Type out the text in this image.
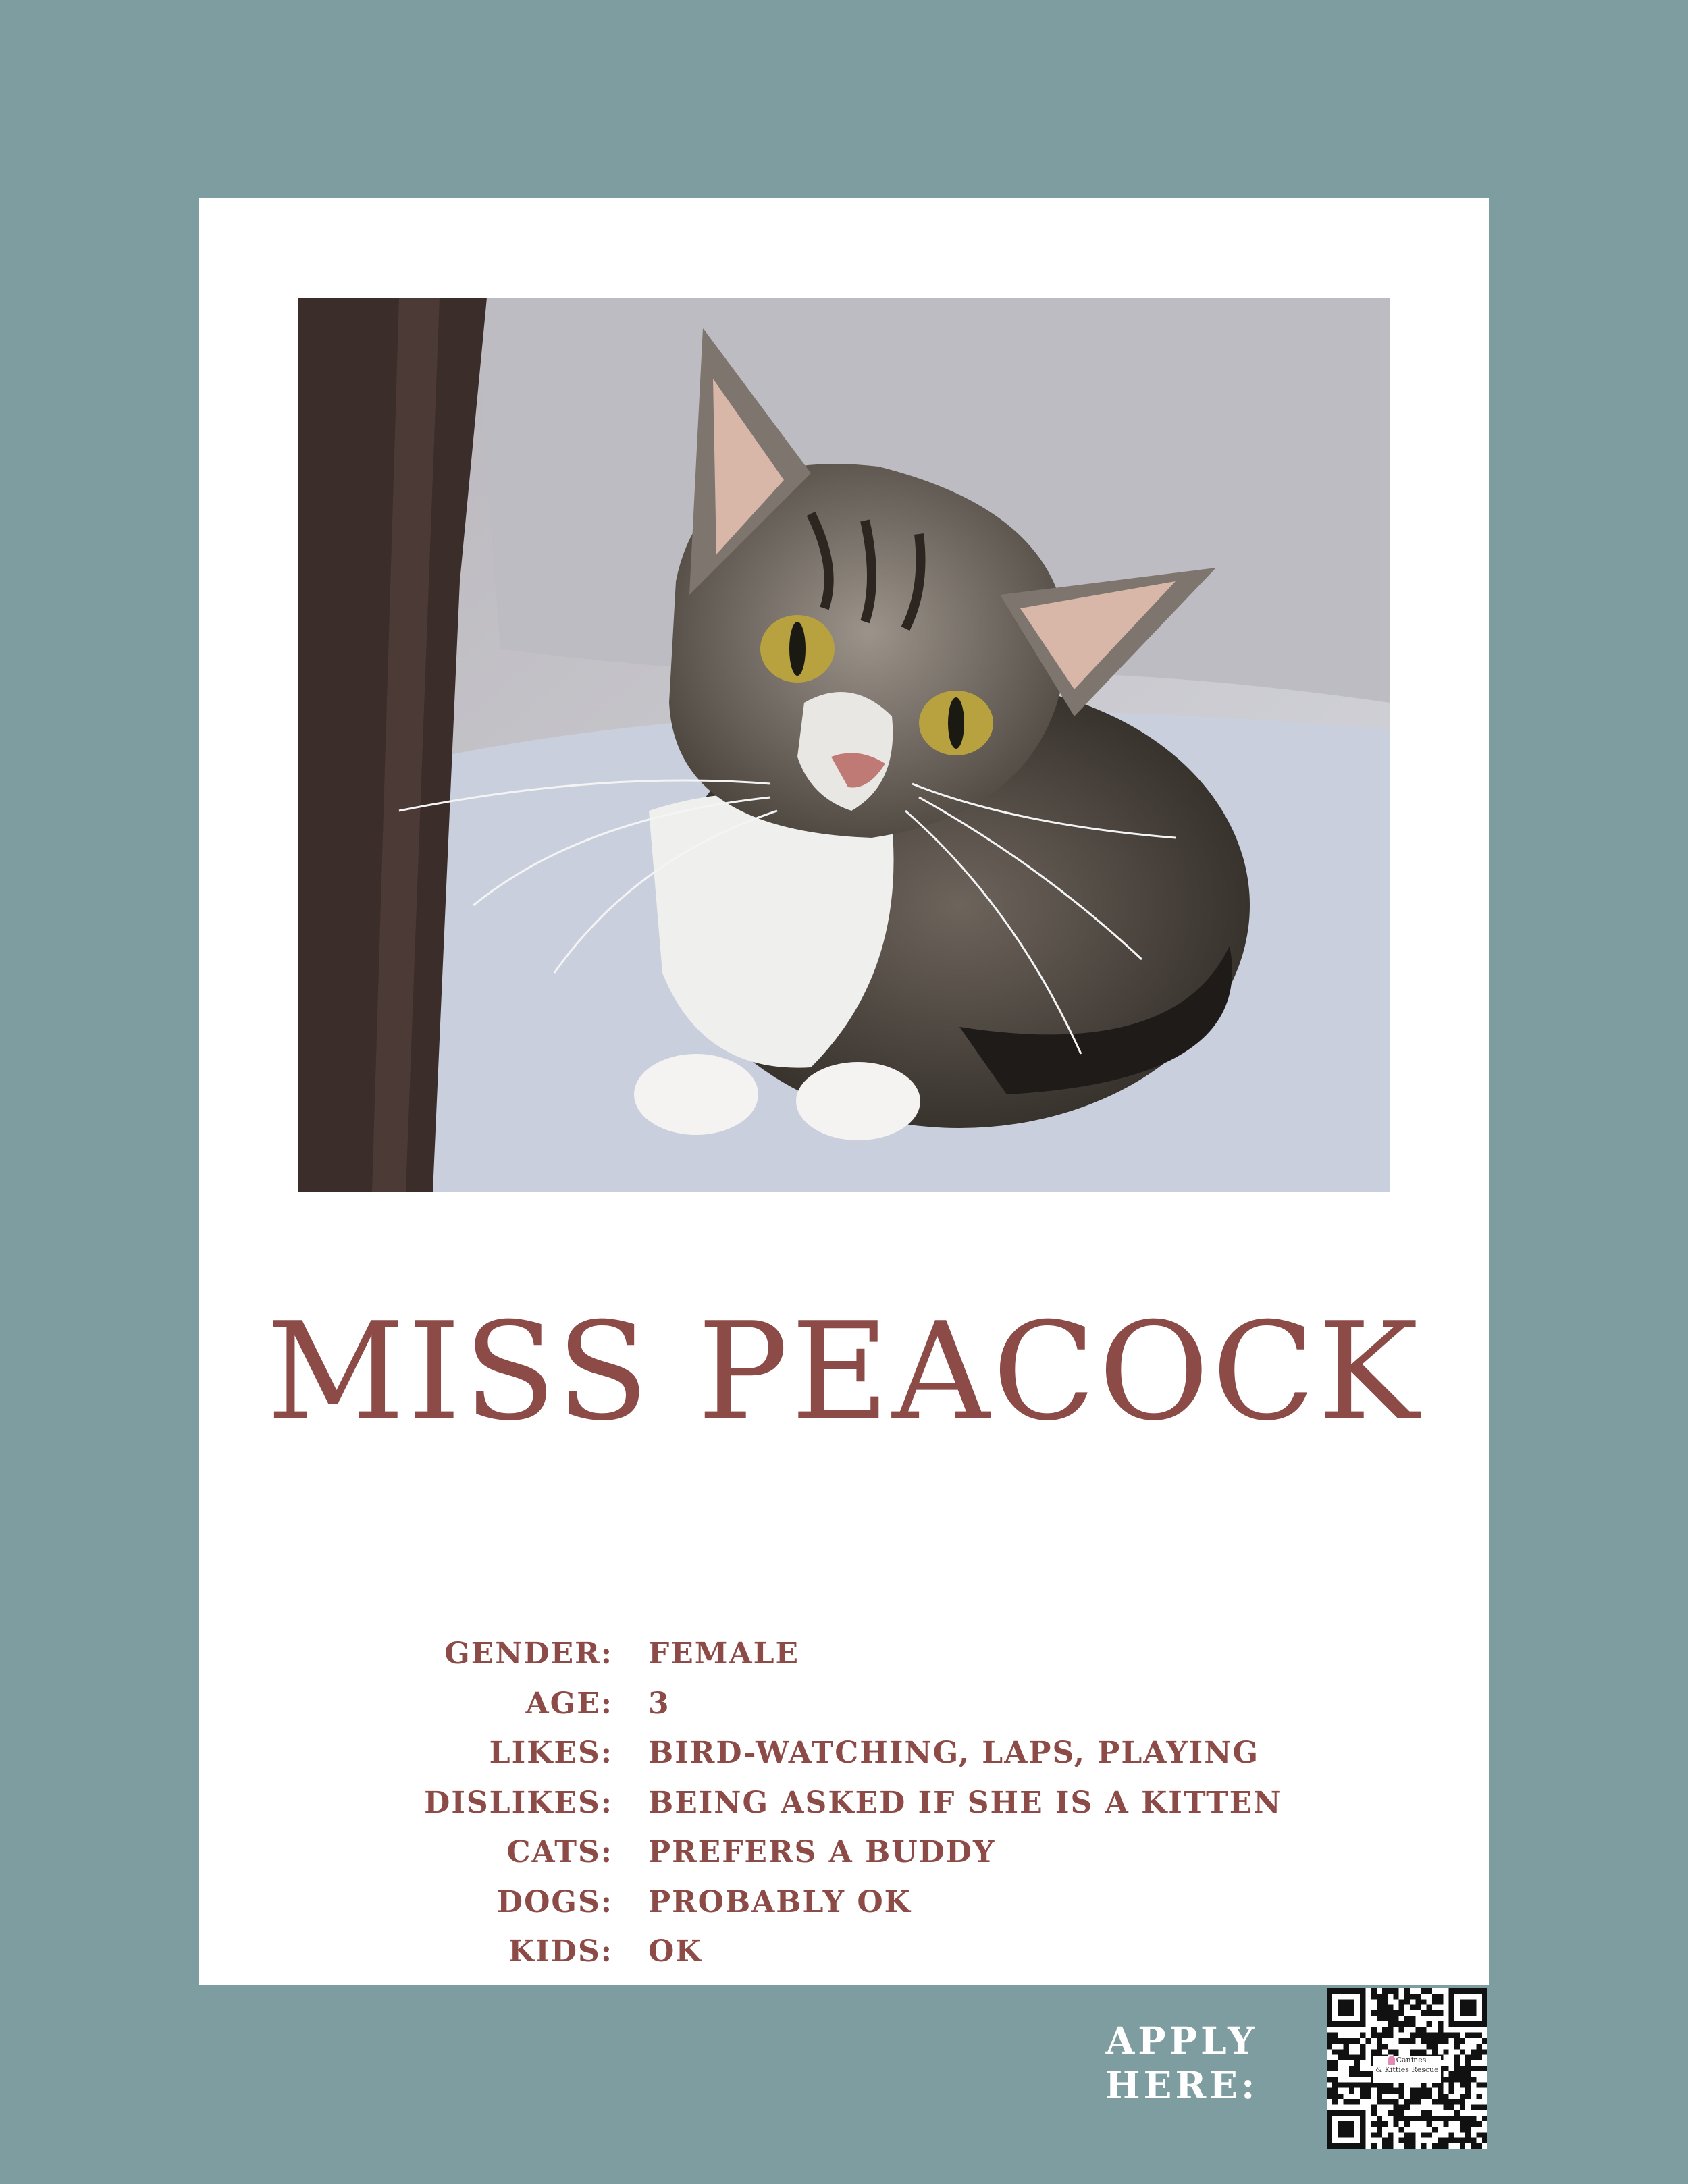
MISS PEACOCK
GENDER:	FEMALE
AGE:	3
LIKES:	BIRD-WATCHING, LAPS, PLAYING
DISLIKES:	BEING ASKED IF SHE IS A KITTEN
CATS:	PREFERS A BUDDY
DOGS:	PROBABLY OK
KIDS:	OK
APPLY
HERE:
Canines
& Kitties Rescue
